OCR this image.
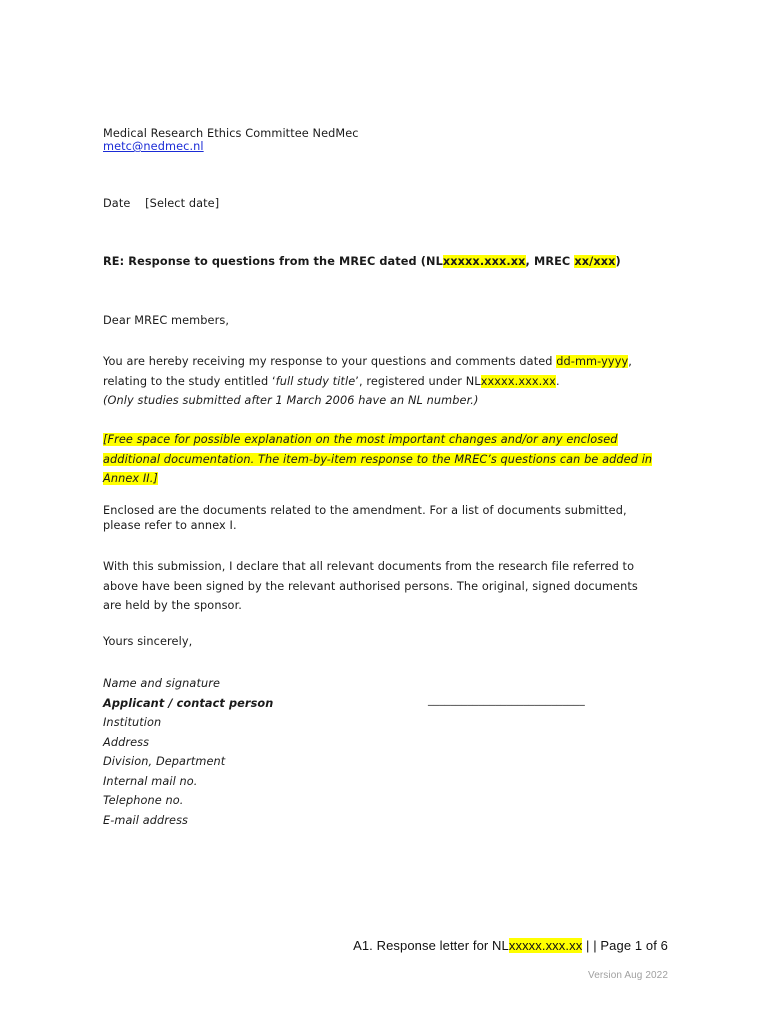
Medical Research Ethics Committee NedMec
metc@nedmec.nl
Date [Select date]
RE: Response to questions from the MREC dated (NLxxxxx.xxx.xx, MREC xx/xxx)
Dear MREC members,
You are hereby receiving my response to your questions and comments dated dd-mm-yyyy,
relating to the study entitled ‘full study title’, registered under NLxxxxx.xxx.xx.
(Only studies submitted after 1 March 2006 have an NL number.)
[Free space for possible explanation on the most important changes and/or any enclosed
additional documentation. The item-by-item response to the MREC’s questions can be added in
Annex II.]
Enclosed are the documents related to the amendment. For a list of documents submitted,
please refer to annex I.
With this submission, I declare that all relevant documents from the research file referred to
above have been signed by the relevant authorised persons. The original, signed documents
are held by the sponsor.
Yours sincerely,
Name and signature
Applicant / contact person
Institution
Address
Division, Department
Internal mail no.
Telephone no.
E-mail address
____________________________
A1. Response letter for NLxxxxx.xxx.xx | | Page 1 of 6
Version Aug 2022
